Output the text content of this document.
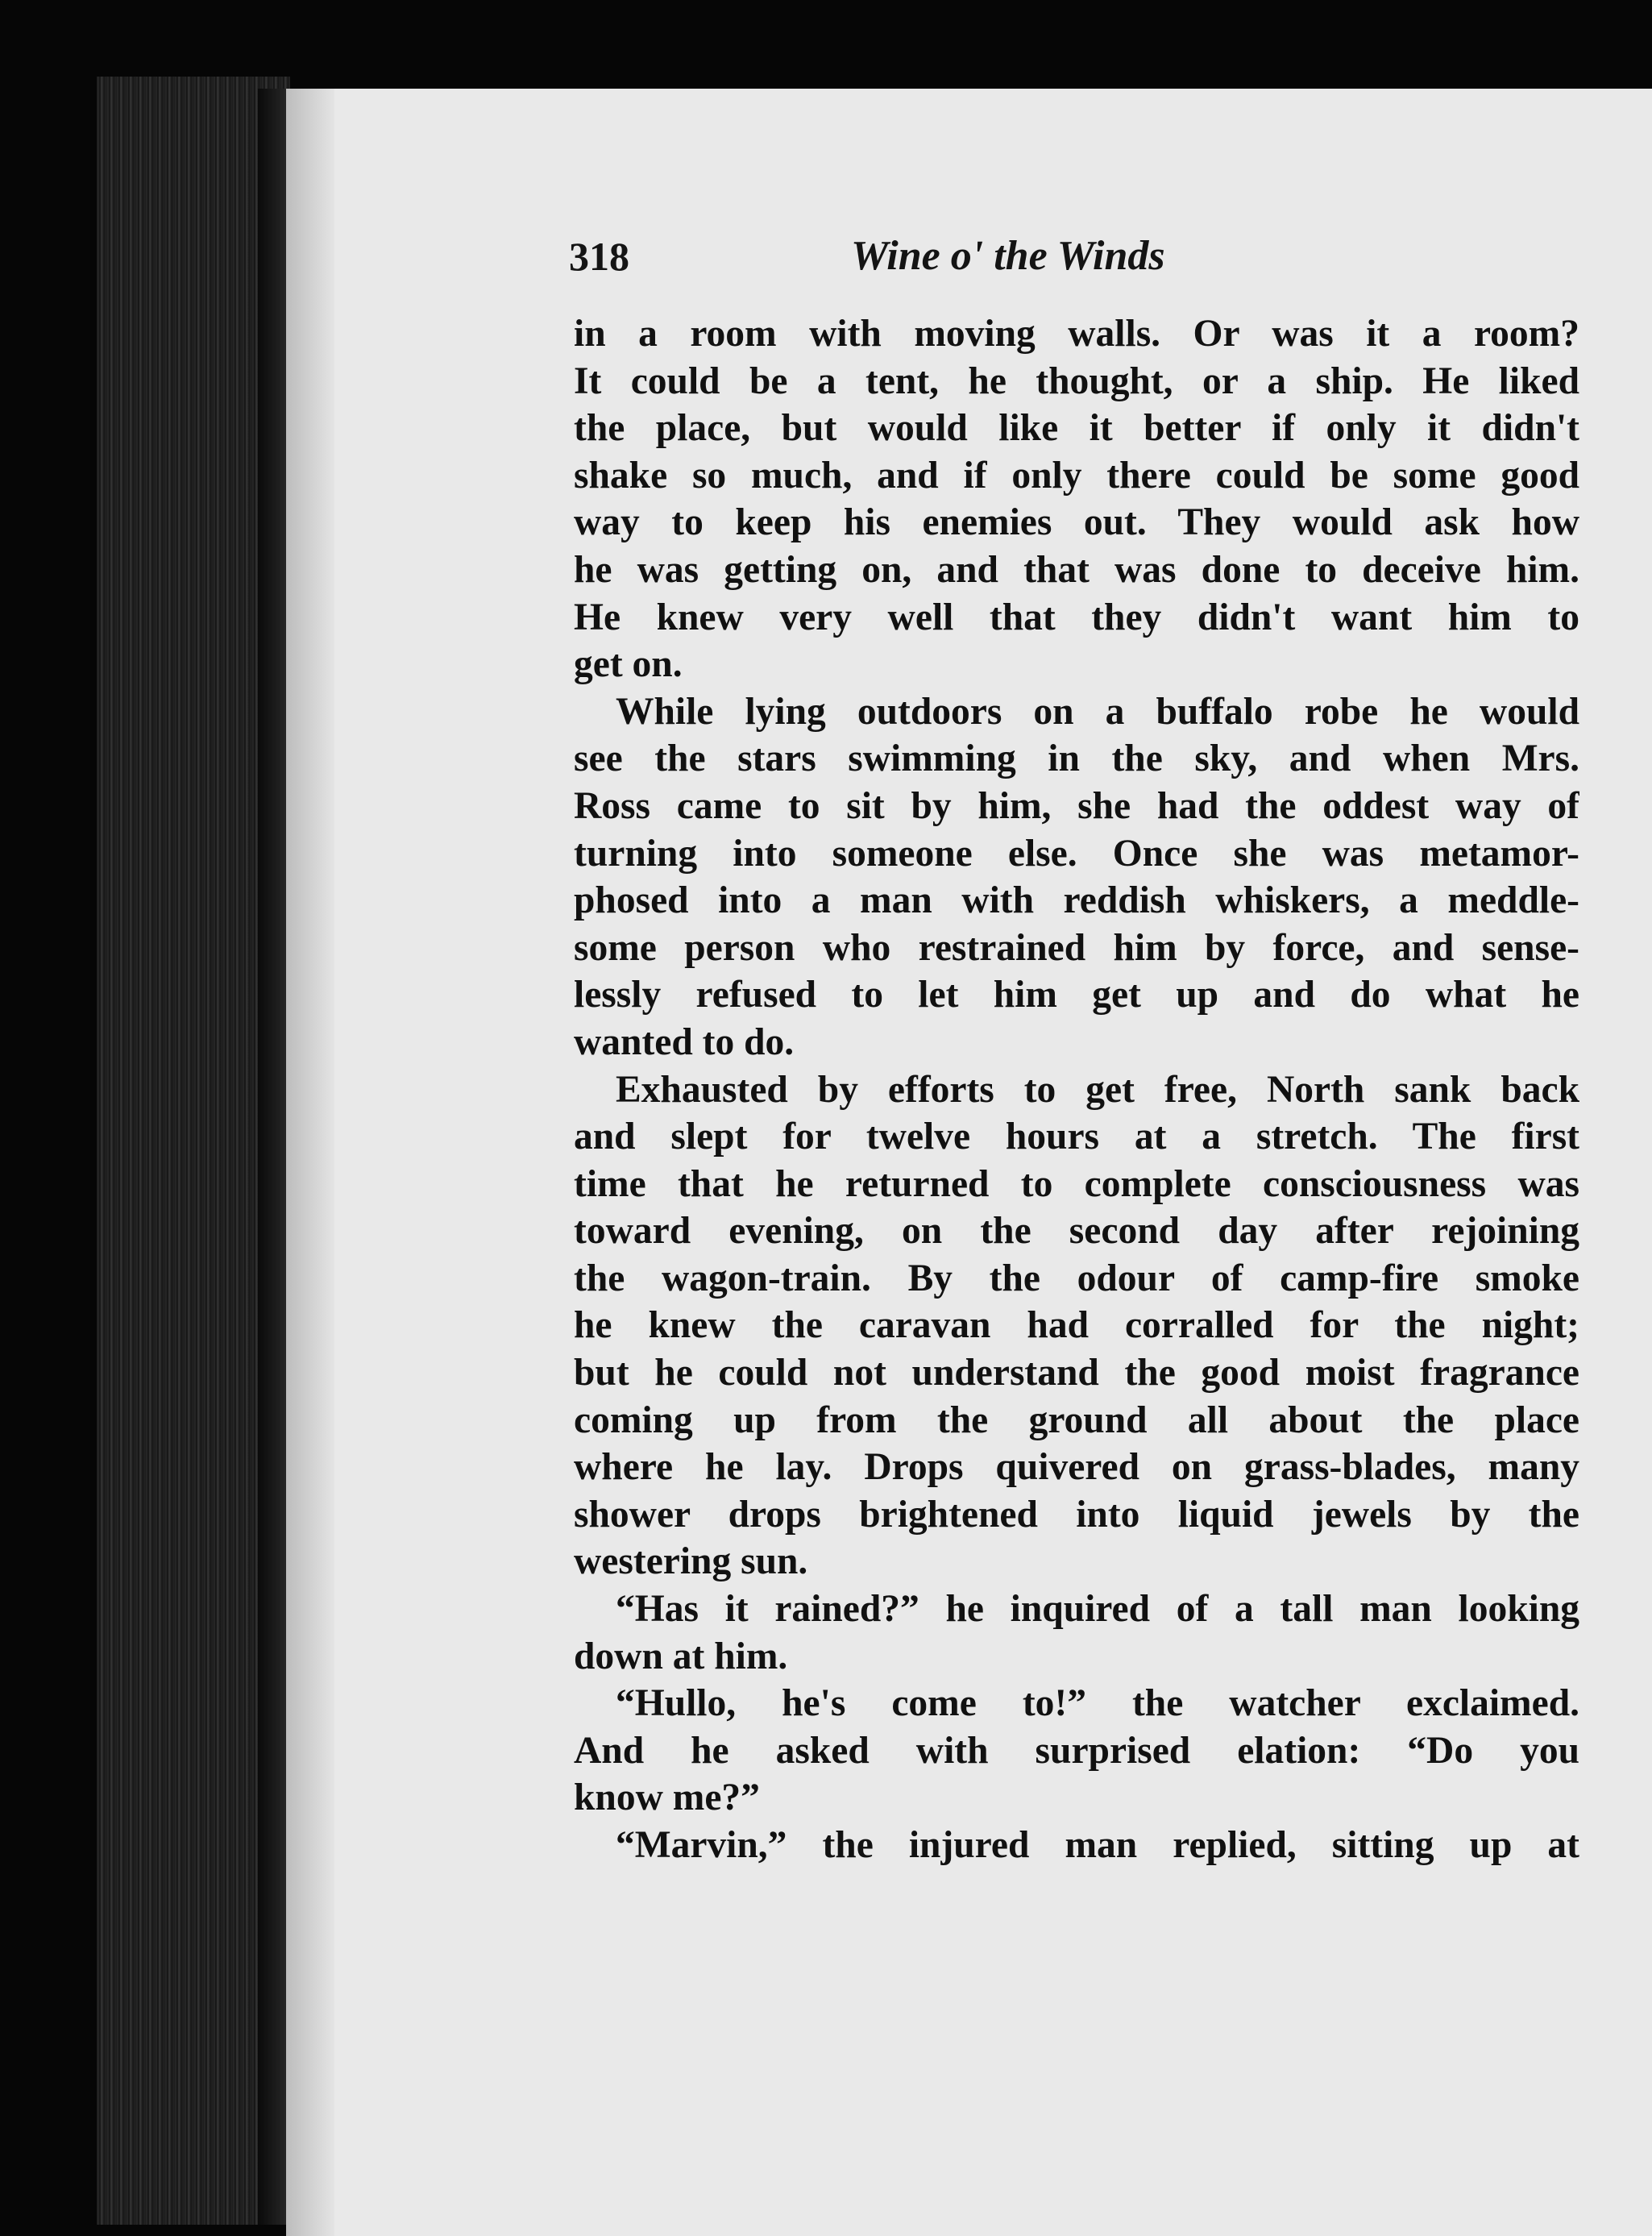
318	Wine o' the Winds
in a room with moving walls. Or was it a room?
It could be a tent, he thought, or a ship. He liked
the place, but would like it better if only it didn't
shake so much, and if only there could be some good
way to keep his enemies out. They would ask how
he was getting on, and that was done to deceive him.
He knew very well that they didn't want him to
get on.
While lying outdoors on a buffalo robe he would
see the stars swimming in the sky, and when Mrs.
Ross came to sit by him, she had the oddest way of
turning into someone else. Once she was metamor-
phosed into a man with reddish whiskers, a meddle-
some person who restrained him by force, and sense-
lessly refused to let him get up and do what he
wanted to do.
Exhausted by efforts to get free, North sank back
and slept for twelve hours at a stretch. The first
time that he returned to complete consciousness was
toward evening, on the second day after rejoining
the wagon-train. By the odour of camp-fire smoke
he knew the caravan had corralled for the night;
but he could not understand the good moist fragrance
coming up from the ground all about the place
where he lay. Drops quivered on grass-blades, many
shower drops brightened into liquid jewels by the
westering sun.
“Has it rained?” he inquired of a tall man looking
down at him.
“Hullo, he's come to!” the watcher exclaimed.
And he asked with surprised elation: “Do you
know me?”
“Marvin,” the injured man replied, sitting up at
